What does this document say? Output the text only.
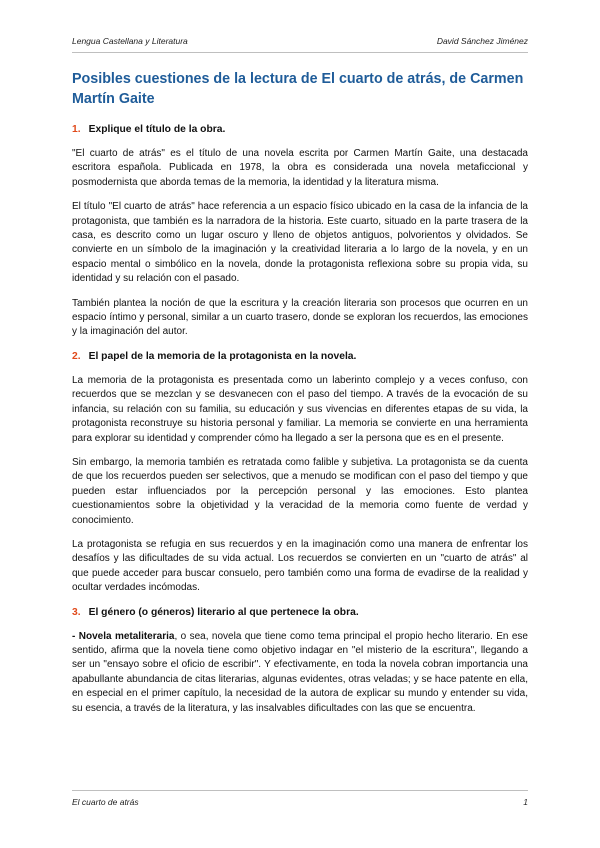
Lengua Castellana y Literatura	David Sánchez Jiménez
Posibles cuestiones de la lectura de El cuarto de atrás, de Carmen Martín Gaite
1. Explique el título de la obra.

"El cuarto de atrás" es el título de una novela escrita por Carmen Martín Gaite, una destacada escritora española. Publicada en 1978, la obra es considerada una novela metaficcional y posmodernista que aborda temas de la memoria, la identidad y la literatura misma.

El título "El cuarto de atrás" hace referencia a un espacio físico ubicado en la casa de la infancia de la protagonista, que también es la narradora de la historia. Este cuarto, situado en la parte trasera de la casa, es descrito como un lugar oscuro y lleno de objetos antiguos, polvorientos y olvidados. Se convierte en un símbolo de la imaginación y la creatividad literaria a lo largo de la novela, y en un espacio mental o simbólico en la novela, donde la protagonista reflexiona sobre su propia vida, su identidad y su relación con el pasado.

También plantea la noción de que la escritura y la creación literaria son procesos que ocurren en un espacio íntimo y personal, similar a un cuarto trasero, donde se exploran los recuerdos, las emociones y la imaginación del autor.

2. El papel de la memoria de la protagonista en la novela.

La memoria de la protagonista es presentada como un laberinto complejo y a veces confuso, con recuerdos que se mezclan y se desvanecen con el paso del tiempo. A través de la evocación de su infancia, su relación con su familia, su educación y sus vivencias en diferentes etapas de su vida, la protagonista reconstruye su historia personal y familiar. La memoria se convierte en una herramienta para explorar su identidad y comprender cómo ha llegado a ser la persona que es en el presente.

Sin embargo, la memoria también es retratada como falible y subjetiva. La protagonista se da cuenta de que los recuerdos pueden ser selectivos, que a menudo se modifican con el paso del tiempo y que pueden estar influenciados por la percepción personal y las emociones. Esto plantea cuestionamientos sobre la objetividad y la veracidad de la memoria como fuente de verdad y conocimiento.

La protagonista se refugia en sus recuerdos y en la imaginación como una manera de enfrentar los desafíos y las dificultades de su vida actual. Los recuerdos se convierten en un "cuarto de atrás" al que puede acceder para buscar consuelo, pero también como una forma de evadirse de la realidad y ocultar verdades incómodas.

3. El género (o géneros) literario al que pertenece la obra.

- Novela metaliteraria, o sea, novela que tiene como tema principal el propio hecho literario. En ese sentido, afirma que la novela tiene como objetivo indagar en "el misterio de la escritura", llegando a ser un "ensayo sobre el oficio de escribir". Y efectivamente, en toda la novela cobran importancia una apabullante abundancia de citas literarias, algunas evidentes, otras veladas; y se hace patente en ella, en especial en el primer capítulo, la necesidad de la autora de explicar su mundo y entender su vida, su esencia, a través de la literatura, y las insalvables dificultades con las que se encuentra.

El cuarto de atrás	1
